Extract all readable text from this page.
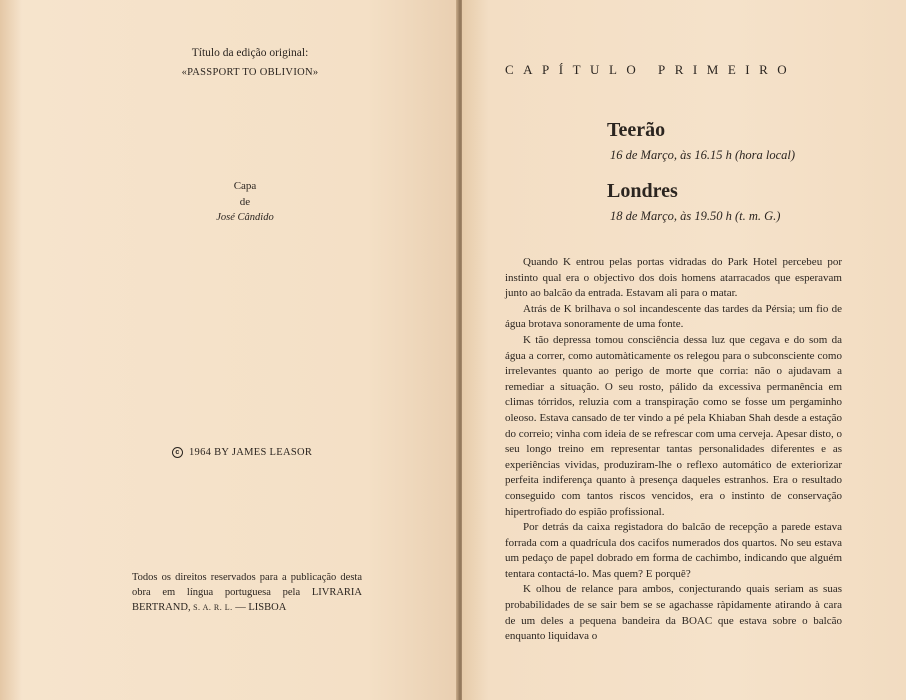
Título da edição original:
«PASSPORT TO OBLIVION»
Capa
de
José Cândido
c 1964 BY JAMES LEASOR
Todos os direitos reservados para a publicação desta obra em língua portuguesa pela LIVRARIA BERTRAND, S. A. R. L. — LISBOA
CAPÍTULO PRIMEIRO
Teerão
16 de Março, às 16.15 h (hora local)
Londres
18 de Março, às 19.50 h (t. m. G.)

Quando K entrou pelas portas vidradas do Park Hotel percebeu por instinto qual era o objectivo dos dois homens atarracados que esperavam junto ao balcão da entrada. Estavam ali para o matar.

Atrás de K brilhava o sol incandescente das tardes da Pérsia; um fio de água brotava sonoramente de uma fonte.

K tão depressa tomou consciência dessa luz que cegava e do som da água a correr, como automàticamente os relegou para o subconsciente como irrelevantes quanto ao perigo de morte que corria: não o ajudavam a remediar a situação. O seu rosto, pálido da excessiva permanência em climas tórridos, reluzia com a transpiração como se fosse um pergaminho oleoso. Estava cansado de ter vindo a pé pela Khiaban Shah desde a estação do correio; vinha com ideia de se refrescar com uma cerveja. Apesar disto, o seu longo treino em representar tantas personalidades diferentes e as experiências vividas, produziram-lhe o reflexo automático de exteriorizar perfeita indiferença quanto à presença daqueles estranhos. Era o resultado conseguido com tantos riscos vencidos, era o instinto de conservação hipertrofiado do espião profissional.

Por detrás da caixa registadora do balcão de recepção a parede estava forrada com a quadrícula dos cacifos numerados dos quartos. No seu estava um pedaço de papel dobrado em forma de cachimbo, indicando que alguém tentara contactá-lo. Mas quem? E porquê?

K olhou de relance para ambos, conjecturando quais seriam as suas probabilidades de se sair bem se se agachasse ràpidamente atirando à cara de um deles a pequena bandeira da BOAC que estava sobre o balcão enquanto liquidava o
